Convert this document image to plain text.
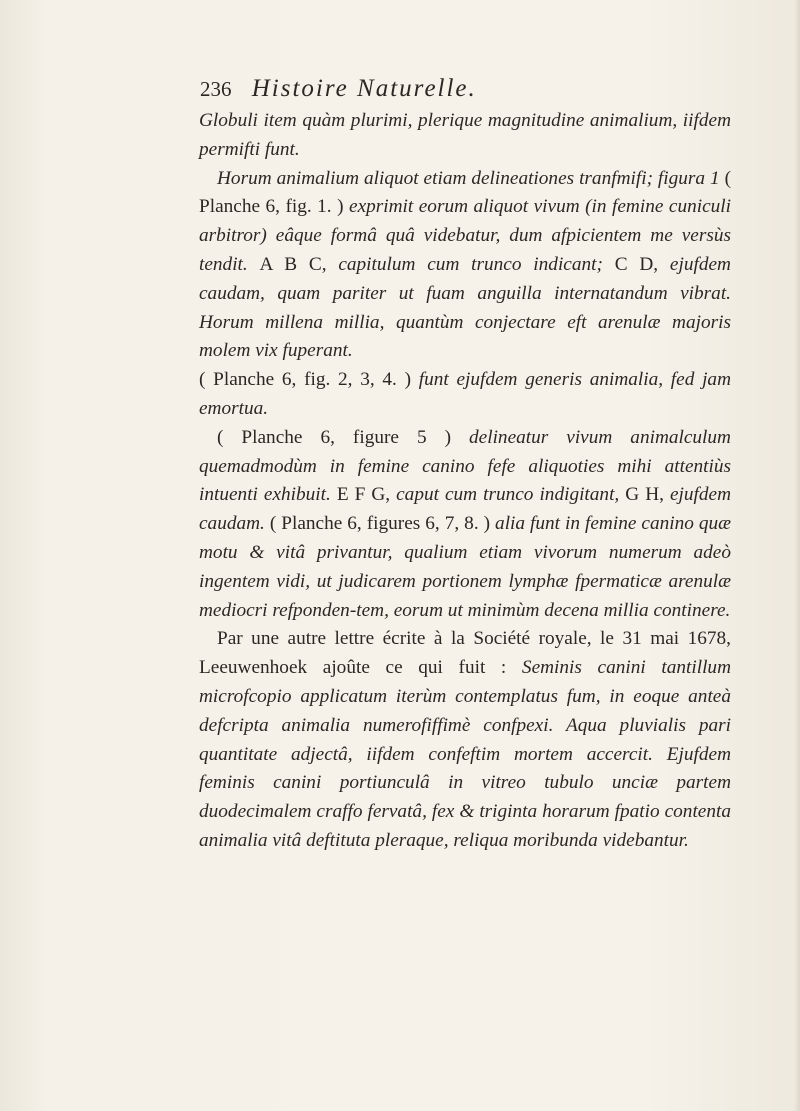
236 Histoire Naturelle.

Globuli item quàm plurimi, plerique magnitudine animalium, iifdem permifti funt.

Horum animalium aliquot etiam delineationes tranfmifi; figura 1 ( Planche 6, fig. 1. ) exprimit eorum aliquot vivum (in femine cuniculi arbitror) eâque formâ quâ videbatur, dum afpicientem me versùs tendit. A B C, capitulum cum trunco indicant; C D, ejufdem caudam, quam pariter ut fuam anguilla internatandum vibrat. Horum millena millia, quantùm conjectare eft arenulæ majoris molem vix fuperant.

( Planche 6, fig. 2, 3, 4. ) funt ejufdem generis animalia, fed jam emortua.

( Planche 6, figure 5 ) delineatur vivum animalculum quemadmodùm in femine canino fefe aliquoties mihi attentiùs intuenti exhibuit. E F G, caput cum trunco indigitant, G H, ejufdem caudam. ( Planche 6, figures 6, 7, 8. ) alia funt in femine canino quæ motu & vitâ privantur, qualium etiam vivorum numerum adeò ingentem vidi, ut judicarem portionem lymphæ fpermaticæ arenulæ mediocri refponden-tem, eorum ut minimùm decena millia continere.

Par une autre lettre écrite à la Société royale, le 31 mai 1678, Leeuwenhoek ajoûte ce qui fuit : Seminis canini tantillum microfcopio applicatum iterùm contemplatus fum, in eoque anteà defcripta animalia numerofiffimè confpexi. Aqua pluvialis pari quantitate adjectâ, iifdem confeftim mortem accercit. Ejufdem feminis canini portiunculâ in vitreo tubulo unciæ partem duodecimalem craffo fervatâ, fex & triginta horarum fpatio contenta animalia vitâ deftituta pleraque, reliqua moribunda videbantur.
